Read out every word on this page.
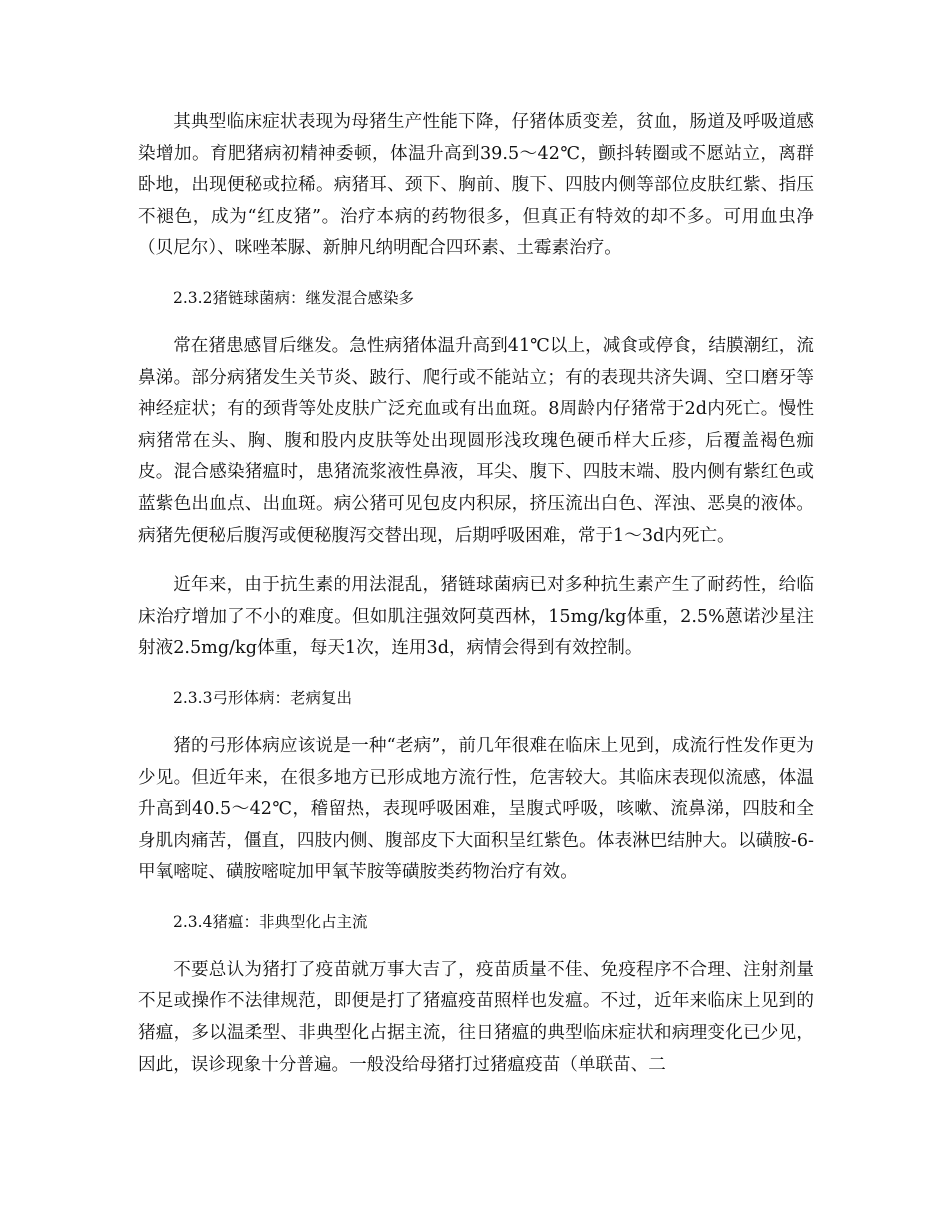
其典型临床症状表现为母猪生产性能下降，仔猪体质变差，贫血，肠道及呼吸道感染增加。育肥猪病初精神委顿，体温升高到39.5～42℃，颤抖转圈或不愿站立，离群卧地，出现便秘或拉稀。病猪耳、颈下、胸前、腹下、四肢内侧等部位皮肤红紫、指压不褪色，成为“红皮猪”。治疗本病的药物很多，但真正有特效的却不多。可用血虫净（贝尼尔）、咪唑苯脲、新胂凡纳明配合四环素、土霉素治疗。

2.3.2猪链球菌病：继发混合感染多

常在猪患感冒后继发。急性病猪体温升高到41℃以上，减食或停食，结膜潮红，流鼻涕。部分病猪发生关节炎、跛行、爬行或不能站立；有的表现共济失调、空口磨牙等神经症状；有的颈背等处皮肤广泛充血或有出血斑。8周龄内仔猪常于2d内死亡。慢性病猪常在头、胸、腹和股内皮肤等处出现圆形浅玫瑰色硬币样大丘疹，后覆盖褐色痂皮。混合感染猪瘟时，患猪流浆液性鼻液，耳尖、腹下、四肢末端、股内侧有紫红色或蓝紫色出血点、出血斑。病公猪可见包皮内积尿，挤压流出白色、浑浊、恶臭的液体。病猪先便秘后腹泻或便秘腹泻交替出现，后期呼吸困难，常于1～3d内死亡。

近年来，由于抗生素的用法混乱，猪链球菌病已对多种抗生素产生了耐药性，给临床治疗增加了不小的难度。但如肌注强效阿莫西林，15mg/kg体重，2.5%蒽诺沙星注射液2.5mg/kg体重，每天1次，连用3d，病情会得到有效控制。

2.3.3弓形体病：老病复出

猪的弓形体病应该说是一种“老病”，前几年很难在临床上见到，成流行性发作更为少见。但近年来，在很多地方已形成地方流行性，危害较大。其临床表现似流感，体温升高到40.5～42℃，稽留热，表现呼吸困难，呈腹式呼吸，咳嗽、流鼻涕，四肢和全身肌肉痛苦，僵直，四肢内侧、腹部皮下大面积呈红紫色。体表淋巴结肿大。以磺胺-6-甲氧嘧啶、磺胺嘧啶加甲氧苄胺等磺胺类药物治疗有效。

2.3.4猪瘟：非典型化占主流

不要总认为猪打了疫苗就万事大吉了，疫苗质量不佳、免疫程序不合理、注射剂量不足或操作不法律规范，即便是打了猪瘟疫苗照样也发瘟。不过，近年来临床上见到的猪瘟，多以温柔型、非典型化占据主流，往日猪瘟的典型临床症状和病理变化已少见，因此，误诊现象十分普遍。一般没给母猪打过猪瘟疫苗（单联苗、二
